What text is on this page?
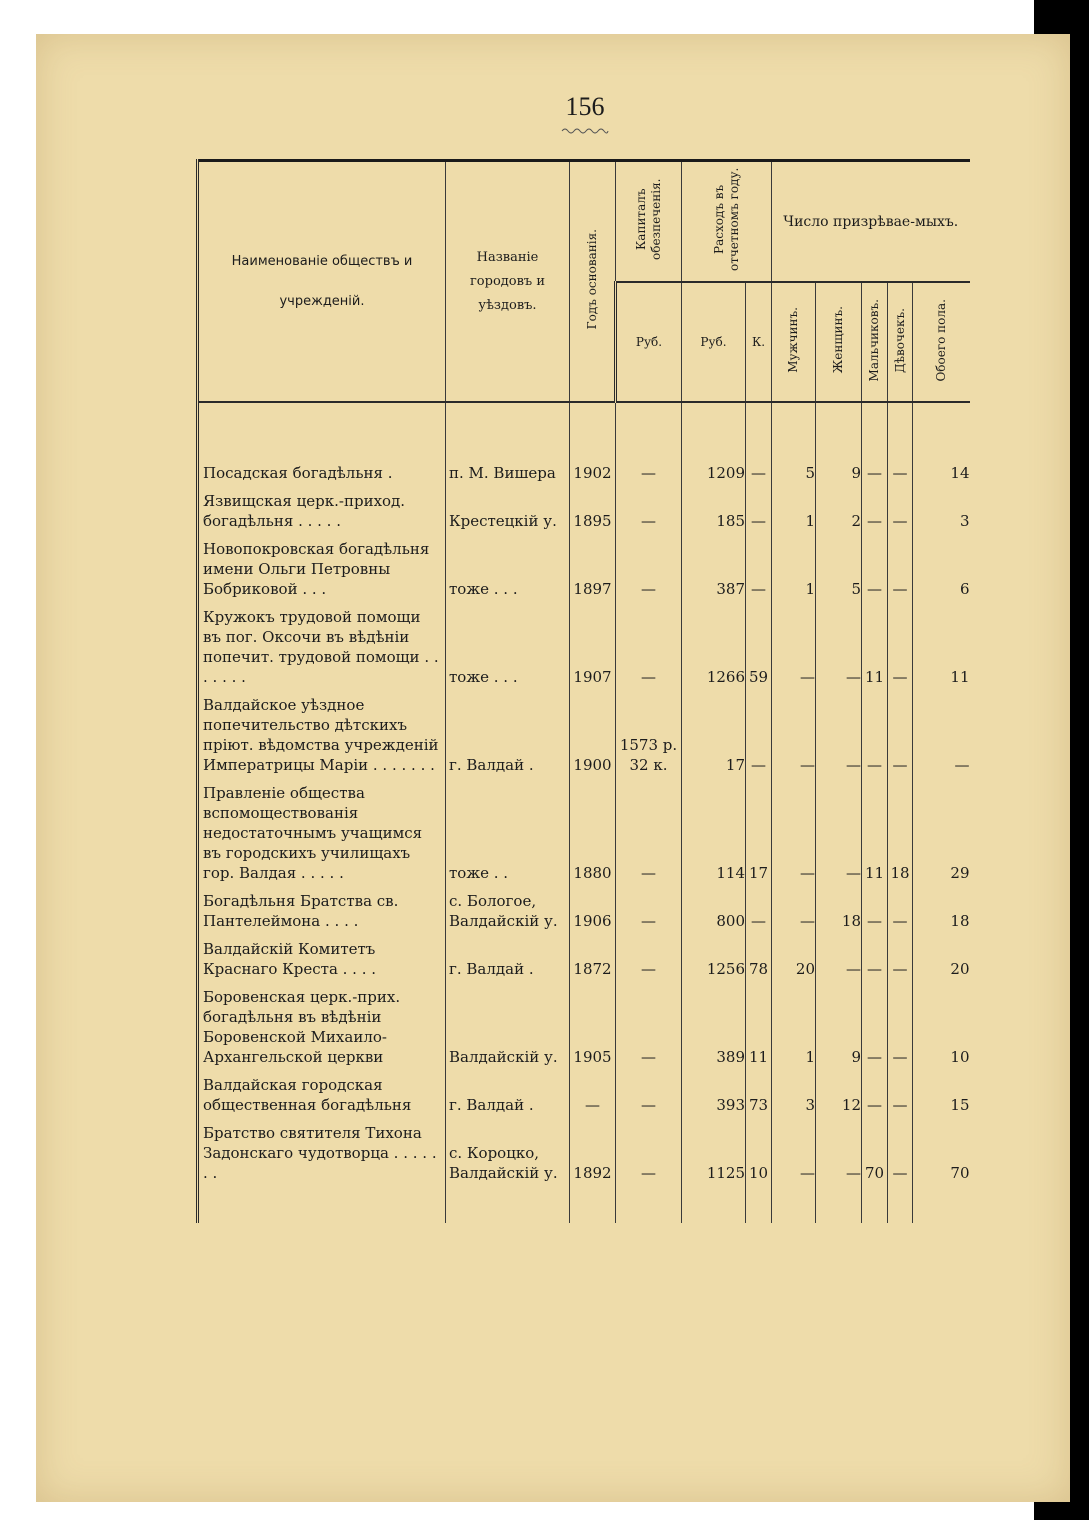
156
Наименованіе обществъ и учрежденій.	Названіе городовъ и уѣздовъ.	Годъ основанія.	Капиталъ обезпеченія.	Расходъ въ отчетномъ году.		Число призрѣвае-мыхъ.				
			Руб.	Руб.	К.	Мужчинъ.	Женщинъ.	Мальчиковъ.	Дѣвочекъ.	Обоего пола.
Посадская богадѣльня .	п. М. Вишера	1902	—	1209	—	5	9	—	—	14
Язвищская церк.-приход. богадѣльня . . . . .	Крестецкій у.	1895	—	185	—	1	2	—	—	3
Новопокровская богадѣльня имени Ольги Петровны Бобриковой . . .	тоже . . .	1897	—	387	—	1	5	—	—	6
Кружокъ трудовой помощи въ пог. Оксочи въ вѣдѣніи попечит. трудовой помощи . . . . . . .	тоже . . .	1907	—	1266	59	—	—	11	—	11
Валдайское уѣздное попечительство дѣтскихъ пріют. вѣдомства учрежденій Императрицы Маріи . . . . . . .	г. Валдай .	1900	1573 р. 32 к.	17	—	—	—	—	—	—
Правленіе общества вспомоществованія недостаточнымъ учащимся въ городскихъ училищахъ гор. Валдая . . . . .	тоже . .	1880	—	114	17	—	—	11	18	29
Богадѣльня Братства св. Пантелеймона . . . .	с. Бологое, Валдайскій у.	1906	—	800	—	—	18	—	—	18
Валдайскій Комитетъ Краснаго Креста . . . .	г. Валдай .	1872	—	1256	78	20	—	—	—	20
Боровенская церк.-прих. богадѣльня въ вѣдѣніи Боровенской Михаило-Архангельской церкви	Валдайскій у.	1905	—	389	11	1	9	—	—	10
Валдайская городская общественная богадѣльня	г. Валдай .	—	—	393	73	3	12	—	—	15
Братство святителя Тихона Задонскаго чудотворца . . . . . . .	с. Короцко, Валдайскій у.	1892	—	1125	10	—	—	70	—	70
